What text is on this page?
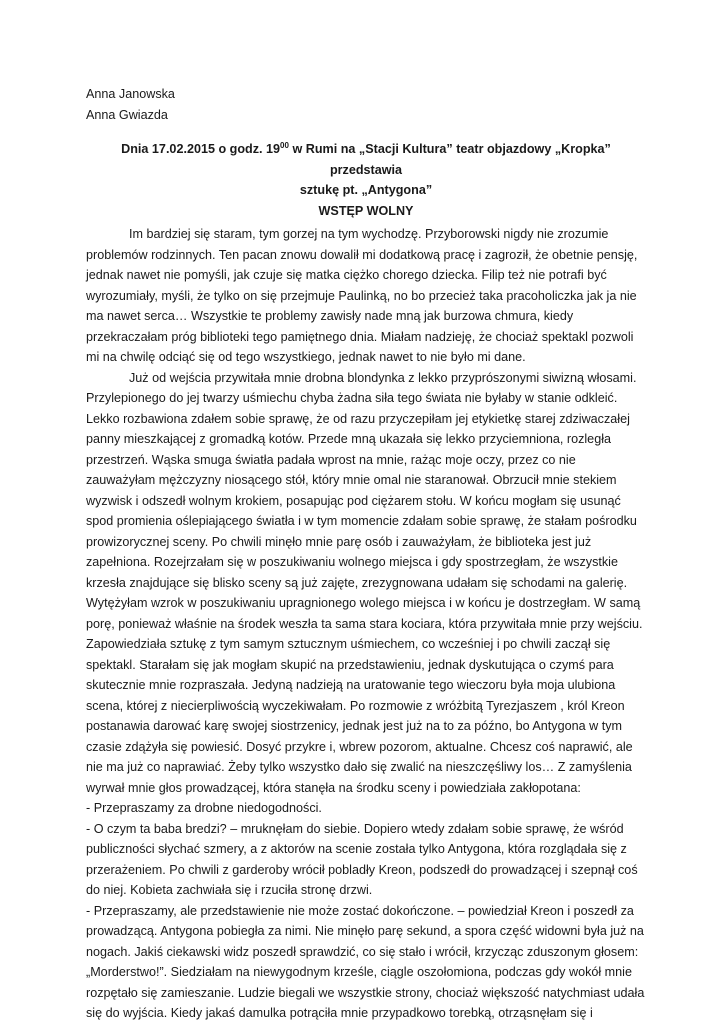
Anna Janowska

Anna Gwiazda

Dnia 17.02.2015 o godz. $19^{00}$ w Rumi na „Stacji Kultura” teatr objazdowy „Kropka” przedstawia

sztukę pt. „Antygona”

WSTĘP WOLNY

Im bardziej się staram, tym gorzej na tym wychodzę. Przyborowski nigdy nie zrozumie problemów rodzinnych. Ten pacan znowu dowalił mi dodatkową pracę i zagroził, że obetnie pensję, jednak nawet nie pomyśli, jak czuje się matka ciężko chorego dziecka. Filip też nie potrafi być wyrozumiały, myśli, że tylko on się przejmuje Paulinką, no bo przecież taka pracoholiczka jak ja nie ma nawet serca… Wszystkie te problemy zawisły nade mną jak burzowa chmura, kiedy przekraczałam próg biblioteki tego pamiętnego dnia. Miałam nadzieję, że chociaż spektakl pozwoli mi na chwilę odciąć się od tego wszystkiego, jednak nawet to nie było mi dane.

Już od wejścia przywitała mnie drobna blondynka z lekko przyprószonymi siwizną włosami. Przylepionego do jej twarzy uśmiechu chyba żadna siła tego świata nie byłaby w stanie odkleić. Lekko rozbawiona zdałem sobie sprawę, że od razu przyczepiłam jej etykietkę starej zdziwaczałej panny mieszkającej z gromadką kotów. Przede mną ukazała się lekko przyciemniona, rozległa przestrzeń. Wąska smuga światła padała wprost na mnie, rażąc moje oczy, przez co nie zauważyłam mężczyzny niosącego stół, który mnie omal nie staranował. Obrzucił mnie stekiem wyzwisk i odszedł wolnym krokiem, posapując pod ciężarem stołu. W końcu mogłam się usunąć spod promienia oślepiającego światła i w tym momencie zdałam sobie sprawę, że stałam pośrodku prowizorycznej sceny. Po chwili minęło mnie parę osób i zauważyłam, że biblioteka jest już zapełniona. Rozejrzałam się w poszukiwaniu wolnego miejsca i gdy spostrzegłam, że wszystkie krzesła znajdujące się blisko sceny są już zajęte, zrezygnowana udałam się schodami na galerię. Wytężyłam wzrok w poszukiwaniu upragnionego wolego miejsca i w końcu je dostrzegłam. W samą porę, ponieważ właśnie na środek weszła ta sama stara kociara, która przywitała mnie przy wejściu. Zapowiedziała sztukę z tym samym sztucznym uśmiechem, co wcześniej i po chwili zaczął się spektakl. Starałam się jak mogłam skupić na przedstawieniu, jednak dyskutująca o czymś para skutecznie mnie rozpraszała. Jedyną nadzieją na uratowanie tego wieczoru była moja ulubiona scena, której z niecierpliwością wyczekiwałam. Po rozmowie z wróżbitą Tyrezjaszem , król Kreon postanawia darować karę swojej siostrzenicy, jednak jest już na to za późno, bo Antygona w tym czasie zdążyła się powiesić. Dosyć przykre i, wbrew pozorom, aktualne. Chcesz coś naprawić, ale nie ma już co naprawiać. Żeby tylko wszystko dało się zwalić na nieszczęśliwy los… Z zamyślenia wyrwał mnie głos prowadzącej, która stanęła na środku sceny i powiedziała zakłopotana:

- Przepraszamy za drobne niedogodności.

- O czym ta baba bredzi? – mruknęłam do siebie. Dopiero wtedy zdałam sobie sprawę, że wśród publiczności słychać szmery, a z aktorów na scenie została tylko Antygona, która rozglądała się z przerażeniem. Po chwili z garderoby wrócił pobladły Kreon, podszedł do prowadzącej i szepnął coś do niej. Kobieta zachwiała się i rzuciła stronę drzwi.

- Przepraszamy, ale przedstawienie nie może zostać dokończone. – powiedział Kreon i poszedł za prowadzącą. Antygona pobiegła za nimi. Nie minęło parę sekund, a spora część widowni była już na nogach. Jakiś ciekawski widz poszedł sprawdzić, co się stało i wrócił, krzycząc zduszonym głosem: „Morderstwo!”. Siedziałam na niewygodnym krześle, ciągle oszołomiona, podczas gdy wokół mnie rozpętało się zamieszanie. Ludzie biegali we wszystkie strony, chociaż większość natychmiast udała się do wyjścia. Kiedy jakaś damulka potrąciła mnie przypadkowo torebką, otrząsnęłam się i
